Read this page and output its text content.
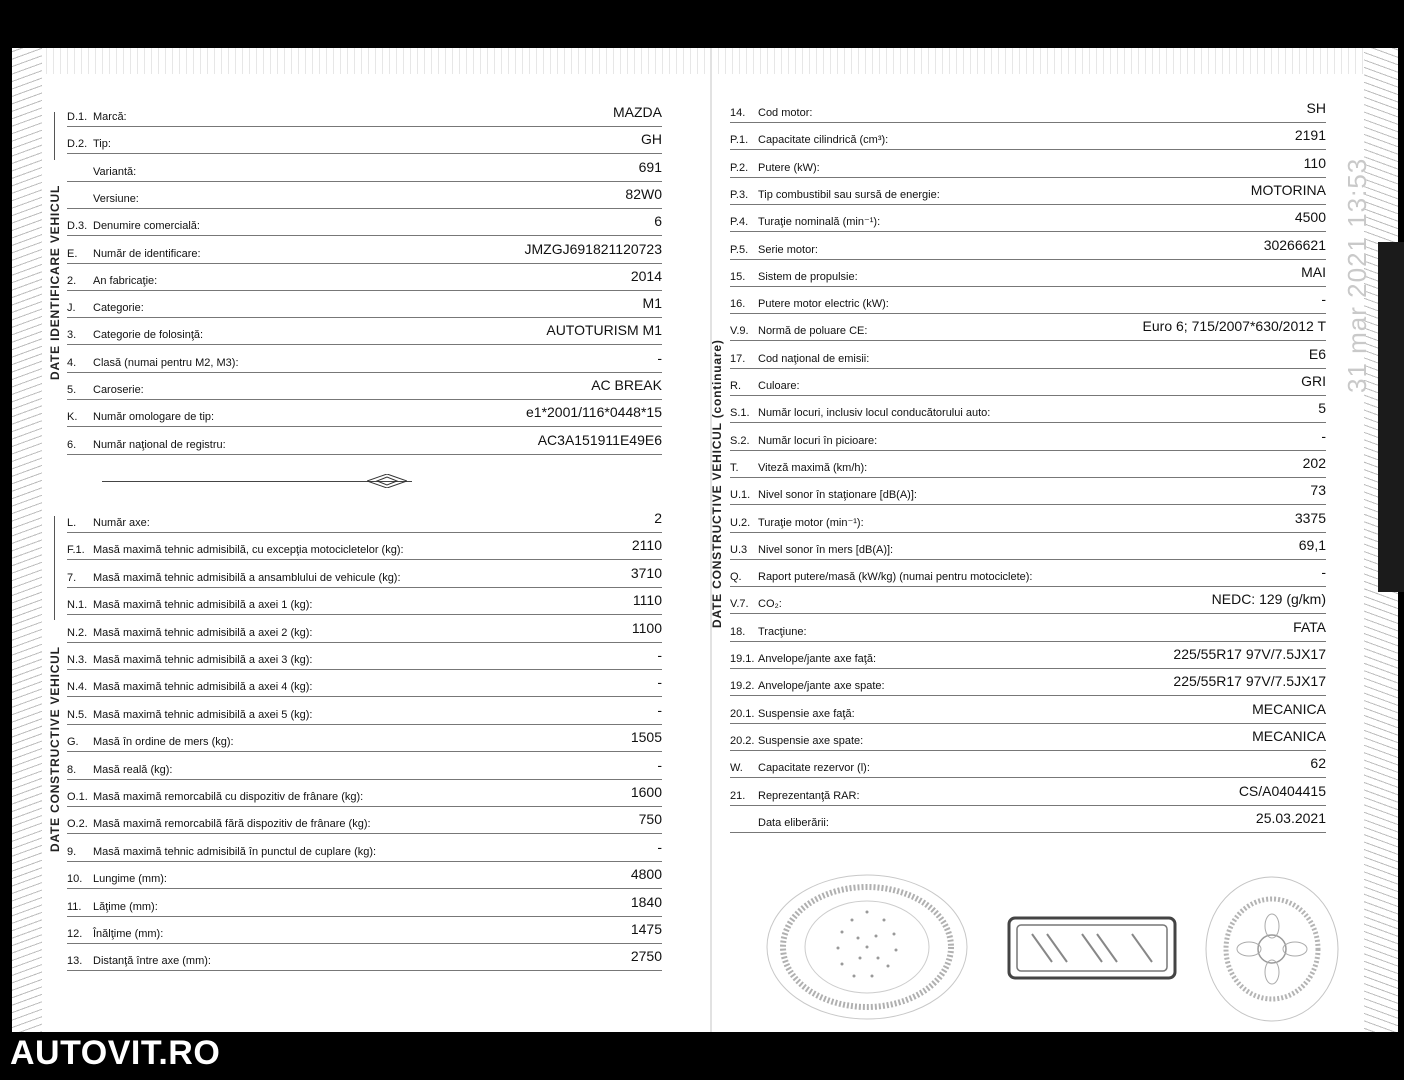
DATE IDENTIFICARE VEHICUL
DATE CONSTRUCTIVE VEHICUL
DATE CONSTRUCTIVE VEHICUL (continuare)
D.1. Marcă:	MAZDA
D.2. Tip:	GH
Variantă:	691
Versiune:	82W0
D.3. Denumire comercială:	6
E. Număr de identificare:	JMZGJ691821120723
2. An fabricaţie:	2014
J. Categorie:	M1
3. Categorie de folosinţă:	AUTOTURISM M1
4. Clasă (numai pentru M2, M3):	-
5. Caroserie:	AC BREAK
K. Număr omologare de tip:	e1*2001/116*0448*15
6. Număr naţional de registru:	AC3A151911E49E6
L. Număr axe:	2
F.1. Masă maximă tehnic admisibilă, cu excepţia motocicletelor (kg):	2110
7. Masă maximă tehnic admisibilă a ansamblului de vehicule (kg):	3710
N.1. Masă maximă tehnic admisibilă a axei 1 (kg):	1110
N.2. Masă maximă tehnic admisibilă a axei 2 (kg):	1100
N.3. Masă maximă tehnic admisibilă a axei 3 (kg):	-
N.4. Masă maximă tehnic admisibilă a axei 4 (kg):	-
N.5. Masă maximă tehnic admisibilă a axei 5 (kg):	-
G. Masă în ordine de mers (kg):	1505
8. Masă reală (kg):	-
O.1. Masă maximă remorcabilă cu dispozitiv de frânare (kg):	1600
O.2. Masă maximă remorcabilă fără dispozitiv de frânare (kg):	750
9. Masă maximă tehnic admisibilă în punctul de cuplare (kg):	-
10. Lungime (mm):	4800
11. Lăţime (mm):	1840
12. Înălţime (mm):	1475
13. Distanţă între axe (mm):	2750
14. Cod motor:	SH
P.1. Capacitate cilindrică (cm³):	2191
P.2. Putere (kW):	110
P.3. Tip combustibil sau sursă de energie:	MOTORINA
P.4. Turaţie nominală (min⁻¹):	4500
P.5. Serie motor:	30266621
15. Sistem de propulsie:	MAI
16. Putere motor electric (kW):	-
V.9. Normă de poluare CE:	Euro 6; 715/2007*630/2012 T
17. Cod naţional de emisii:	E6
R. Culoare:	GRI
S.1. Număr locuri, inclusiv locul conducătorului auto:	5
S.2. Număr locuri în picioare:	-
T. Viteză maximă (km/h):	202
U.1. Nivel sonor în staţionare [dB(A)]:	73
U.2. Turaţie motor (min⁻¹):	3375
U.3 Nivel sonor în mers [dB(A)]:	69,1
Q. Raport putere/masă (kW/kg) (numai pentru motociclete):	-
V.7. CO₂:	NEDC: 129 (g/km)
18. Tracţiune:	FATA
19.1. Anvelope/jante axe faţă:	225/55R17 97V/7.5JX17
19.2. Anvelope/jante axe spate:	225/55R17 97V/7.5JX17
20.1. Suspensie axe faţă:	MECANICA
20.2. Suspensie axe spate:	MECANICA
W. Capacitate rezervor (l):	62
21. Reprezentanţă RAR:	CS/A0404415
Data eliberării:	25.03.2021
31 mar 2021 13:53
AUTOVIT.RO
